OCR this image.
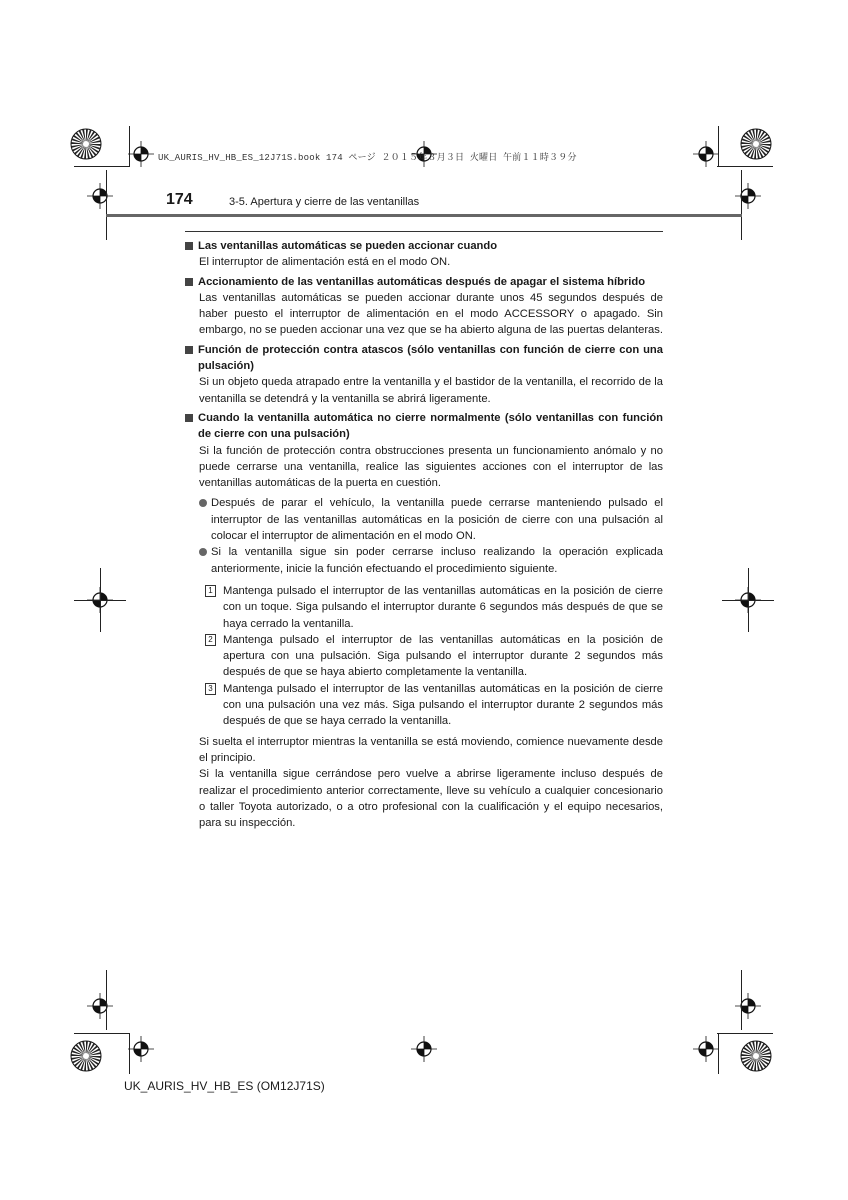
UK_AURIS_HV_HB_ES_12J71S.book 174 ページ ２０１５年３月３日 火曜日 午前１１時３９分
174	3-5. Apertura y cierre de las ventanillas

Las ventanillas automáticas se pueden accionar cuando

El interruptor de alimentación está en el modo ON.

Accionamiento de las ventanillas automáticas después de apagar el sistema híbrido

Las ventanillas automáticas se pueden accionar durante unos 45 segundos después de haber puesto el interruptor de alimentación en el modo ACCESSORY o apagado. Sin embargo, no se pueden accionar una vez que se ha abierto alguna de las puertas delanteras.

Función de protección contra atascos (sólo ventanillas con función de cierre con una pulsación)

Si un objeto queda atrapado entre la ventanilla y el bastidor de la ventanilla, el recorrido de la ventanilla se detendrá y la ventanilla se abrirá ligeramente.

Cuando la ventanilla automática no cierre normalmente (sólo ventanillas con función de cierre con una pulsación)

Si la función de protección contra obstrucciones presenta un funcionamiento anómalo y no puede cerrarse una ventanilla, realice las siguientes acciones con el interruptor de las ventanillas automáticas de la puerta en cuestión.

Después de parar el vehículo, la ventanilla puede cerrarse manteniendo pulsado el interruptor de las ventanillas automáticas en la posición de cierre con una pulsación al colocar el interruptor de alimentación en el modo ON.

Si la ventanilla sigue sin poder cerrarse incluso realizando la operación explicada anteriormente, inicie la función efectuando el procedimiento siguiente.

1 Mantenga pulsado el interruptor de las ventanillas automáticas en la posición de cierre con un toque. Siga pulsando el interruptor durante 6 segundos más después de que se haya cerrado la ventanilla.

2 Mantenga pulsado el interruptor de las ventanillas automáticas en la posición de apertura con una pulsación. Siga pulsando el interruptor durante 2 segundos más después de que se haya abierto completamente la ventanilla.

3 Mantenga pulsado el interruptor de las ventanillas automáticas en la posición de cierre con una pulsación una vez más. Siga pulsando el interruptor durante 2 segundos más después de que se haya cerrado la ventanilla.

Si suelta el interruptor mientras la ventanilla se está moviendo, comience nuevamente desde el principio.

Si la ventanilla sigue cerrándose pero vuelve a abrirse ligeramente incluso después de realizar el procedimiento anterior correctamente, lleve su vehículo a cualquier concesionario o taller Toyota autorizado, o a otro profesional con la cualificación y el equipo necesarios, para su inspección.

UK_AURIS_HV_HB_ES (OM12J71S)
